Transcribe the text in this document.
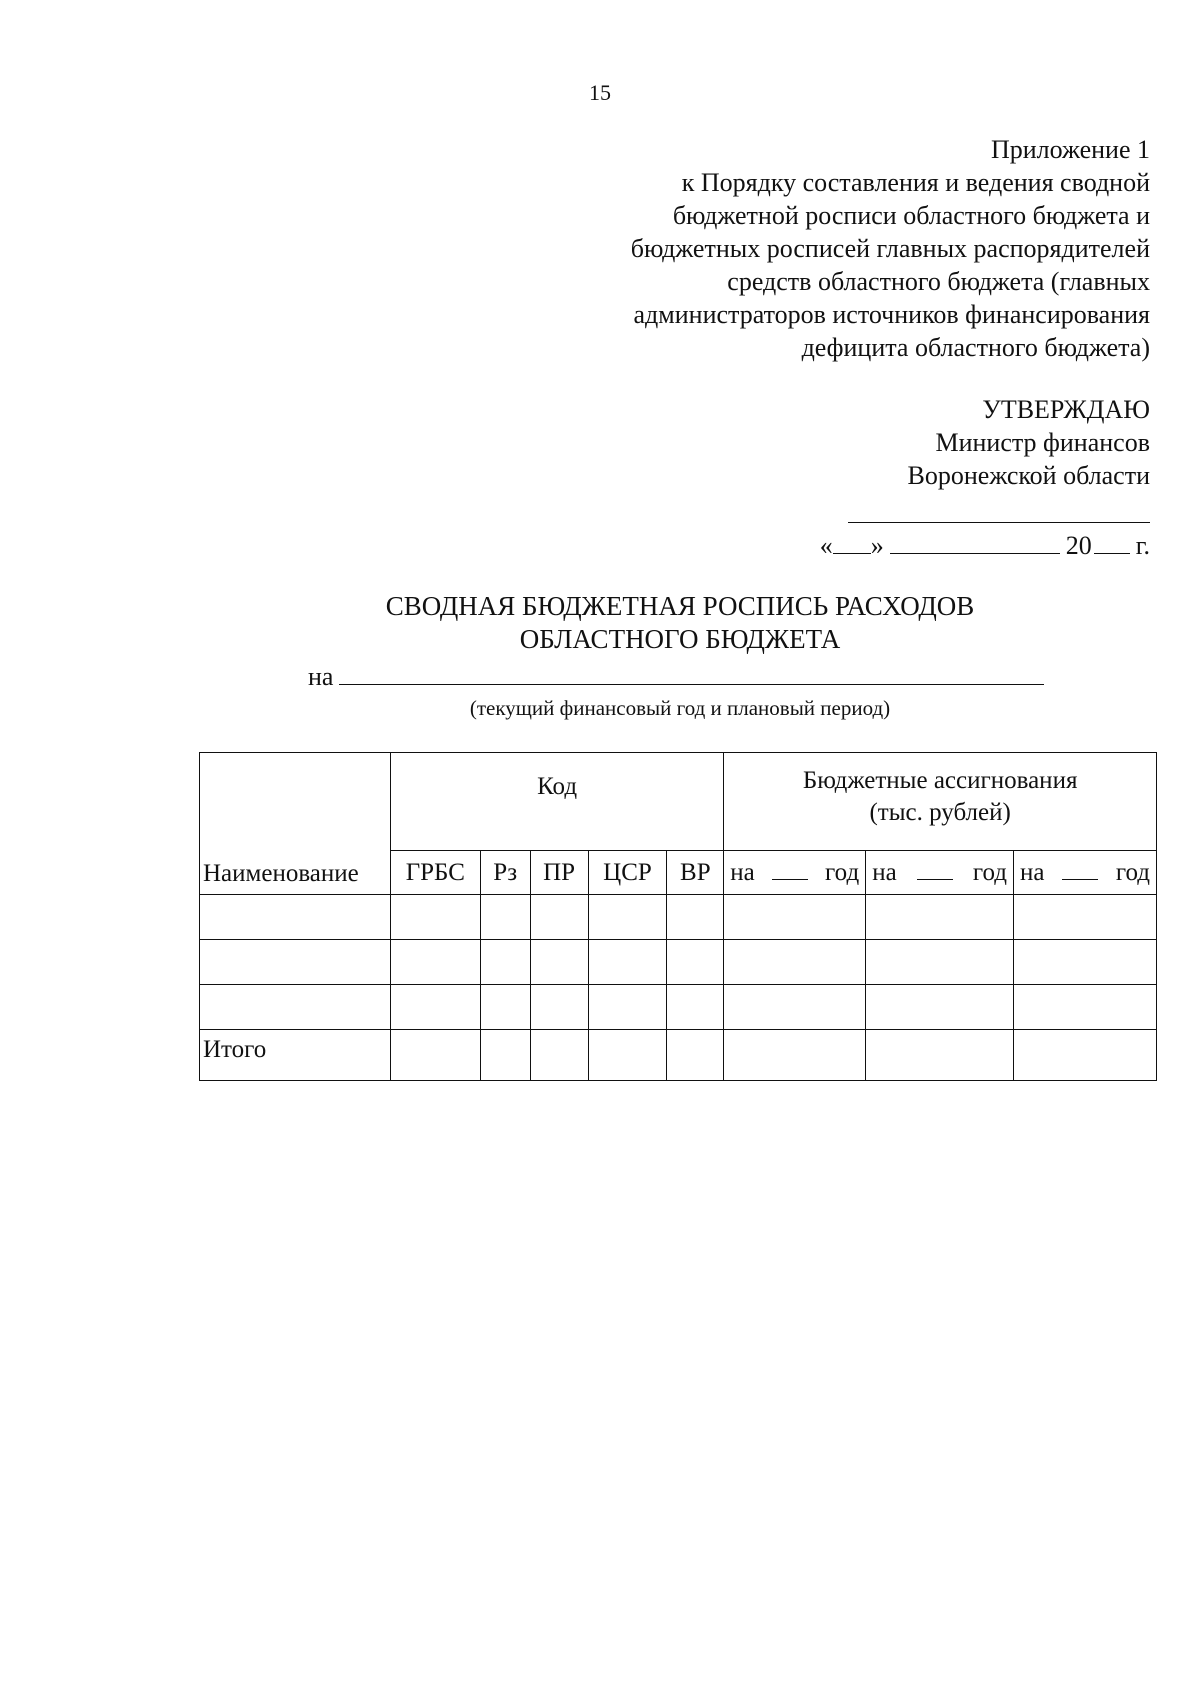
15
Приложение 1
к Порядку составления и ведения сводной
бюджетной росписи областного бюджета и
бюджетных росписей главных распорядителей
средств областного бюджета (главных
администраторов источников финансирования
дефицита областного бюджета)
УТВЕРЖДАЮ
Министр финансов
Воронежской области
« »	20 г.
СВОДНАЯ БЮДЖЕТНАЯ РОСПИСЬ РАСХОДОВ
ОБЛАСТНОГО БЮДЖЕТА
на
(текущий финансовый год и плановый период)
Наименование	Код					Бюджетные ассигнования
(тыс. рублей)		

	ГРБС	Рз	ПР	ЦСР	ВР	на год	на год	на год

Итого								
